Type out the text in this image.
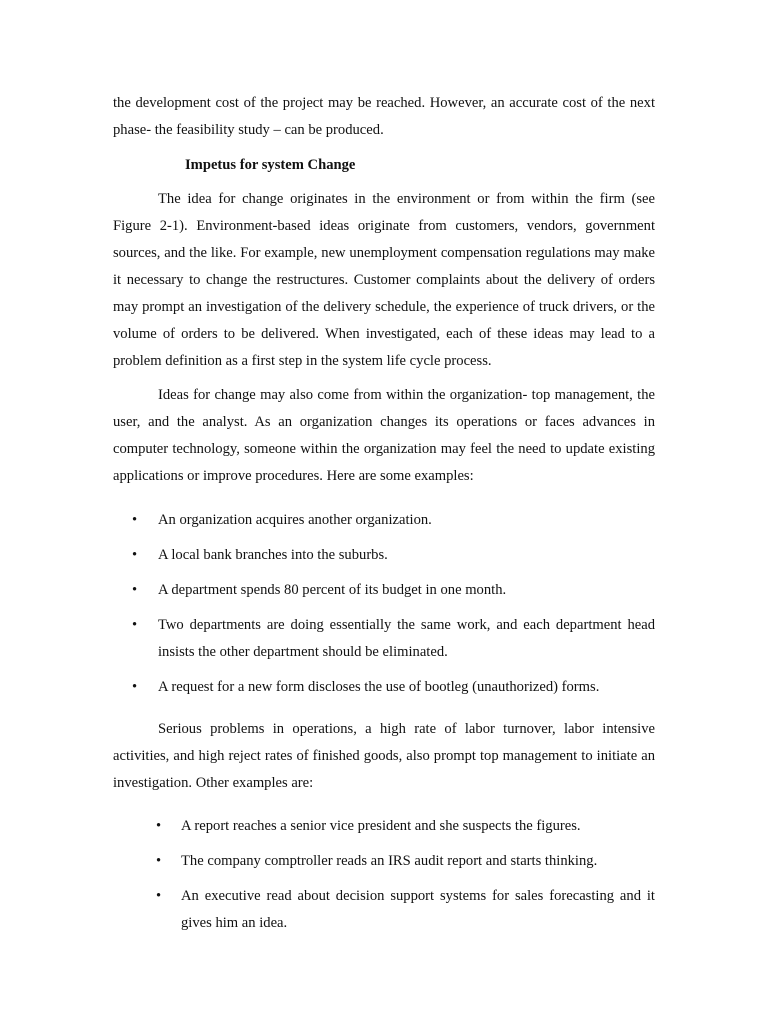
the development cost of the project may be reached. However, an accurate cost of the next phase- the feasibility study – can be produced.

Impetus for system Change

The idea for change originates in the environment or from within the firm (see Figure 2-1). Environment-based ideas originate from customers, vendors, government sources, and the like. For example, new unemployment compensation regulations may make it necessary to change the restructures. Customer complaints about the delivery of orders may prompt an investigation of the delivery schedule, the experience of truck drivers, or the volume of orders to be delivered. When investigated, each of these ideas may lead to a problem definition as a first step in the system life cycle process.

Ideas for change may also come from within the organization- top management, the user, and the analyst. As an organization changes its operations or faces advances in computer technology, someone within the organization may feel the need to update existing applications or improve procedures. Here are some examples:

• An organization acquires another organization.
• A local bank branches into the suburbs.
• A department spends 80 percent of its budget in one month.
• Two departments are doing essentially the same work, and each department head insists the other department should be eliminated.
• A request for a new form discloses the use of bootleg (unauthorized) forms.

Serious problems in operations, a high rate of labor turnover, labor intensive activities, and high reject rates of finished goods, also prompt top management to initiate an investigation. Other examples are:

• A report reaches a senior vice president and she suspects the figures.
• The company comptroller reads an IRS audit report and starts thinking.
• An executive read about decision support systems for sales forecasting and it gives him an idea.
